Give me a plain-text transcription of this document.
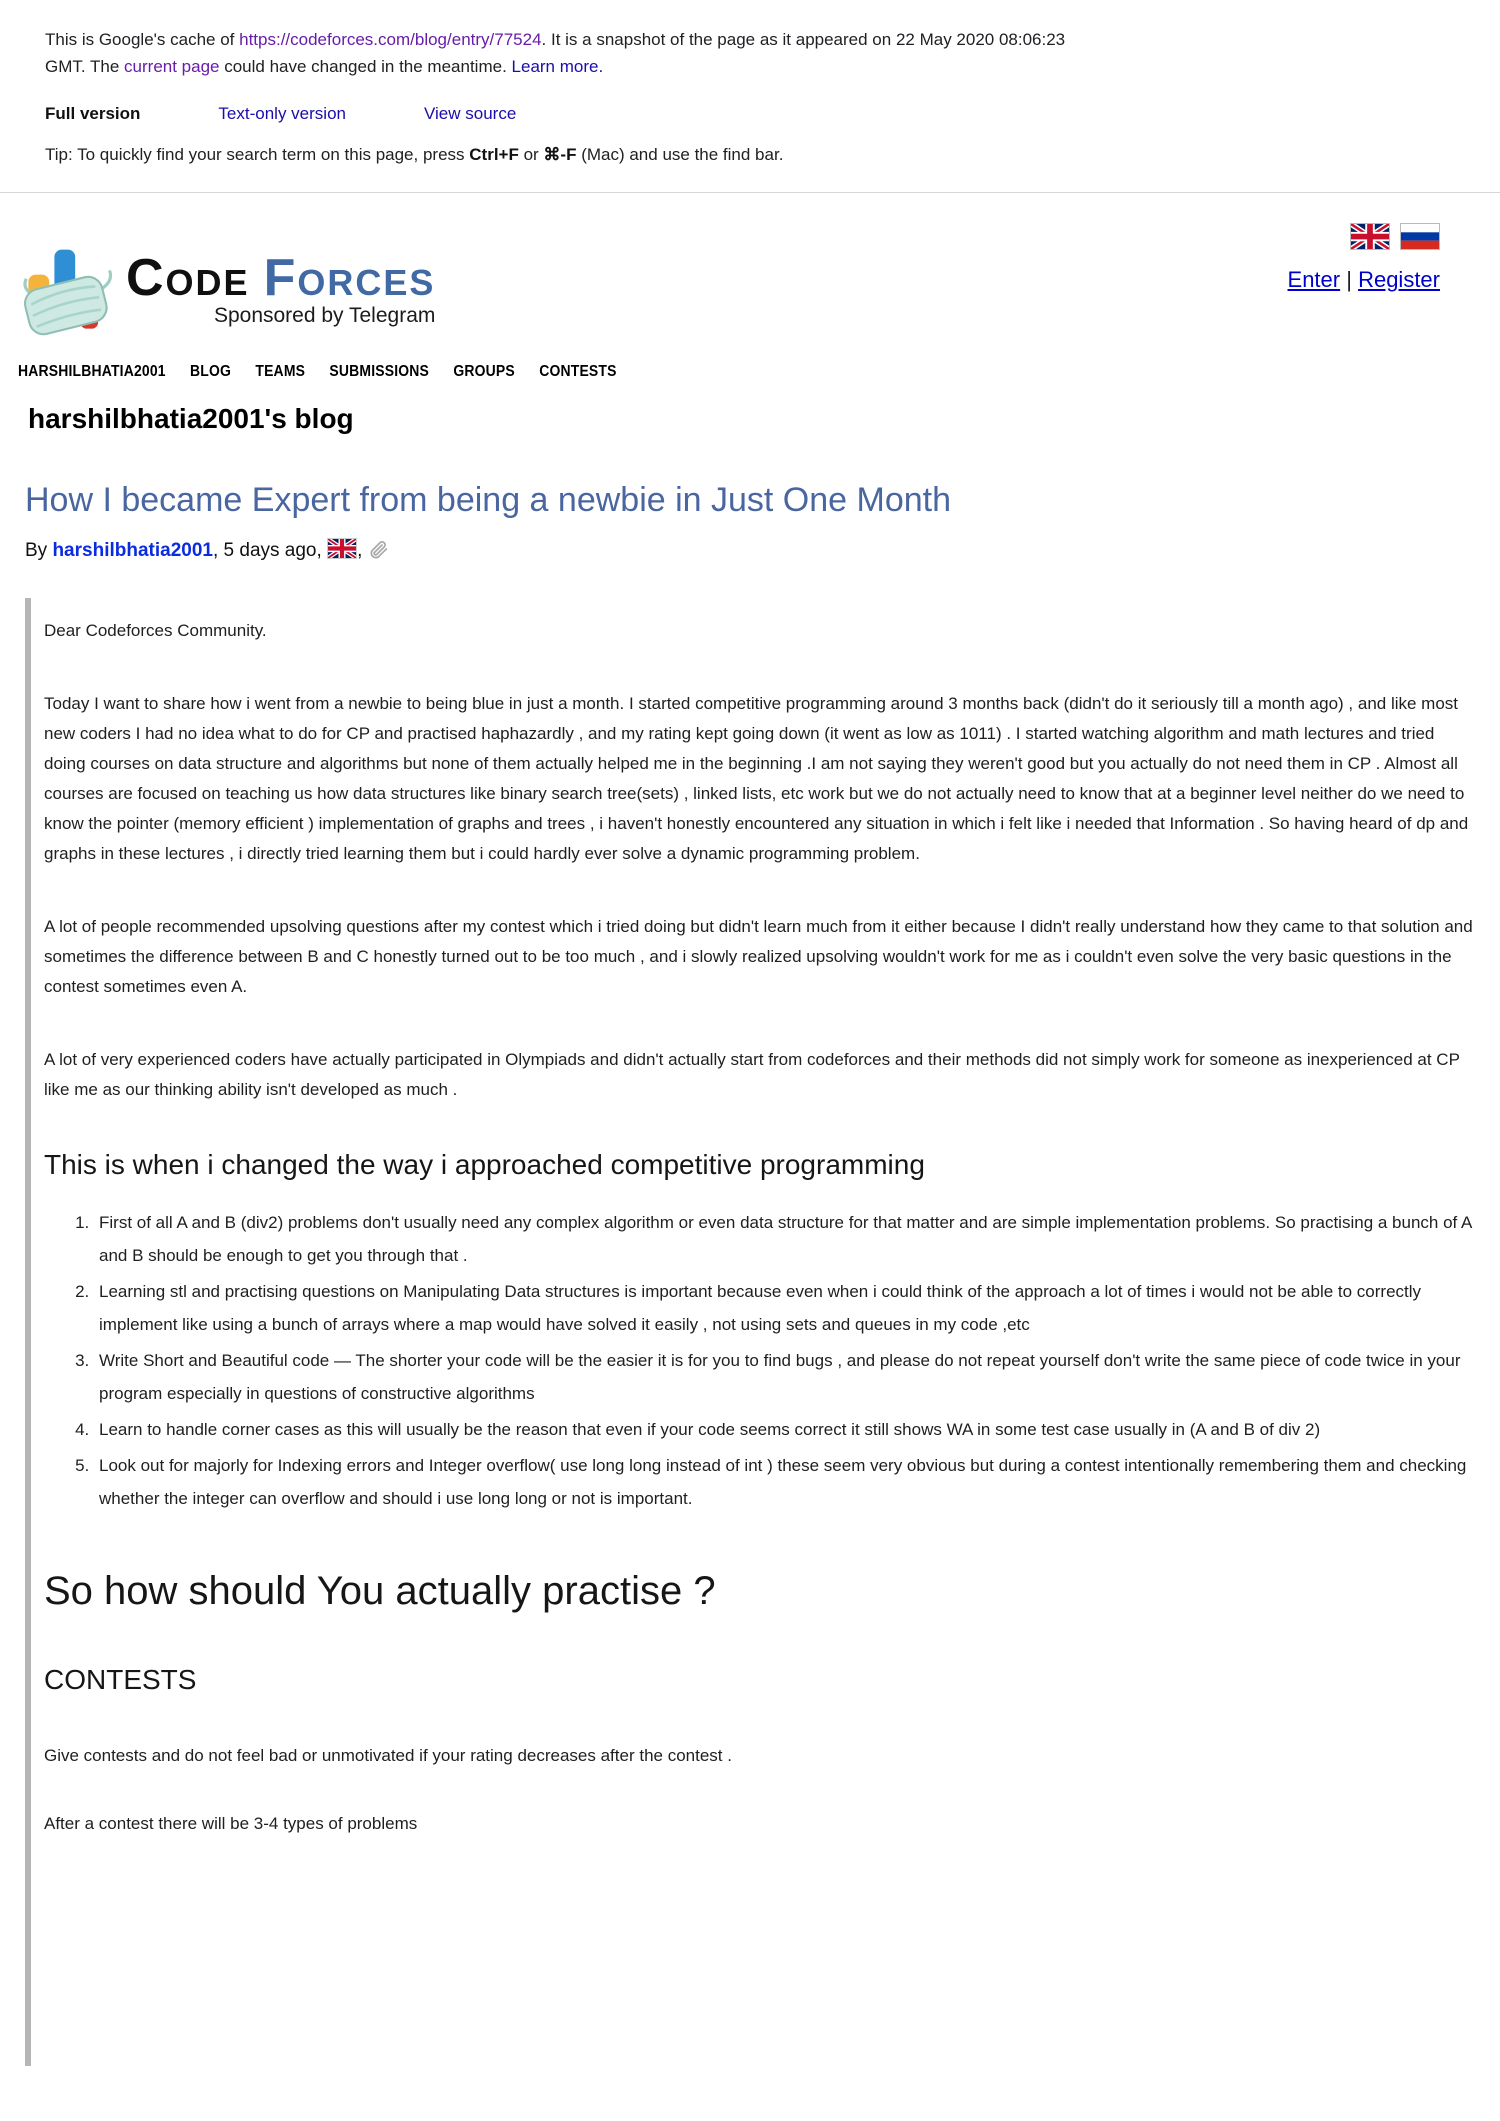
This is Google's cache of https://codeforces.com/blog/entry/77524. It is a snapshot of the page as it appeared on 22 May 2020 08:06:23 GMT. The current page could have changed in the meantime. Learn more.
Full version	Text-only version	View source
Tip: To quickly find your search term on this page, press Ctrl+F or ⌘-F (Mac) and use the find bar.
Code Forces
Sponsored by Telegram
Enter | Register
HARSHILBHATIA2001 BLOG TEAMS SUBMISSIONS GROUPS CONTESTS
harshilbhatia2001's blog
How I became Expert from being a newbie in Just One Month
By harshilbhatia2001, 5 days ago, ,

Dear Codeforces Community.

Today I want to share how i went from a newbie to being blue in just a month. I started competitive programming around 3 months back (didn't do it seriously till a month ago) , and like most new coders I had no idea what to do for CP and practised haphazardly , and my rating kept going down (it went as low as 1011) . I started watching algorithm and math lectures and tried doing courses on data structure and algorithms but none of them actually helped me in the beginning .I am not saying they weren't good but you actually do not need them in CP . Almost all courses are focused on teaching us how data structures like binary search tree(sets) , linked lists, etc work but we do not actually need to know that at a beginner level neither do we need to know the pointer (memory efficient ) implementation of graphs and trees , i haven't honestly encountered any situation in which i felt like i needed that Information . So having heard of dp and graphs in these lectures , i directly tried learning them but i could hardly ever solve a dynamic programming problem.

A lot of people recommended upsolving questions after my contest which i tried doing but didn't learn much from it either because I didn't really understand how they came to that solution and sometimes the difference between B and C honestly turned out to be too much , and i slowly realized upsolving wouldn't work for me as i couldn't even solve the very basic questions in the contest sometimes even A.

A lot of very experienced coders have actually participated in Olympiads and didn't actually start from codeforces and their methods did not simply work for someone as inexperienced at CP like me as our thinking ability isn't developed as much .

This is when i changed the way i approached competitive programming
1. First of all A and B (div2) problems don't usually need any complex algorithm or even data structure for that matter and are simple implementation problems. So practising a bunch of A and B should be enough to get you through that .
2. Learning stl and practising questions on Manipulating Data structures is important because even when i could think of the approach a lot of times i would not be able to correctly implement like using a bunch of arrays where a map would have solved it easily , not using sets and queues in my code ,etc
3. Write Short and Beautiful code — The shorter your code will be the easier it is for you to find bugs , and please do not repeat yourself don't write the same piece of code twice in your program especially in questions of constructive algorithms
4. Learn to handle corner cases as this will usually be the reason that even if your code seems correct it still shows WA in some test case usually in (A and B of div 2)
5. Look out for majorly for Indexing errors and Integer overflow( use long long instead of int ) these seem very obvious but during a contest intentionally remembering them and checking whether the integer can overflow and should i use long long or not is important.
So how should You actually practise ?
CONTESTS

Give contests and do not feel bad or unmotivated if your rating decreases after the contest .

After a contest there will be 3-4 types of problems
